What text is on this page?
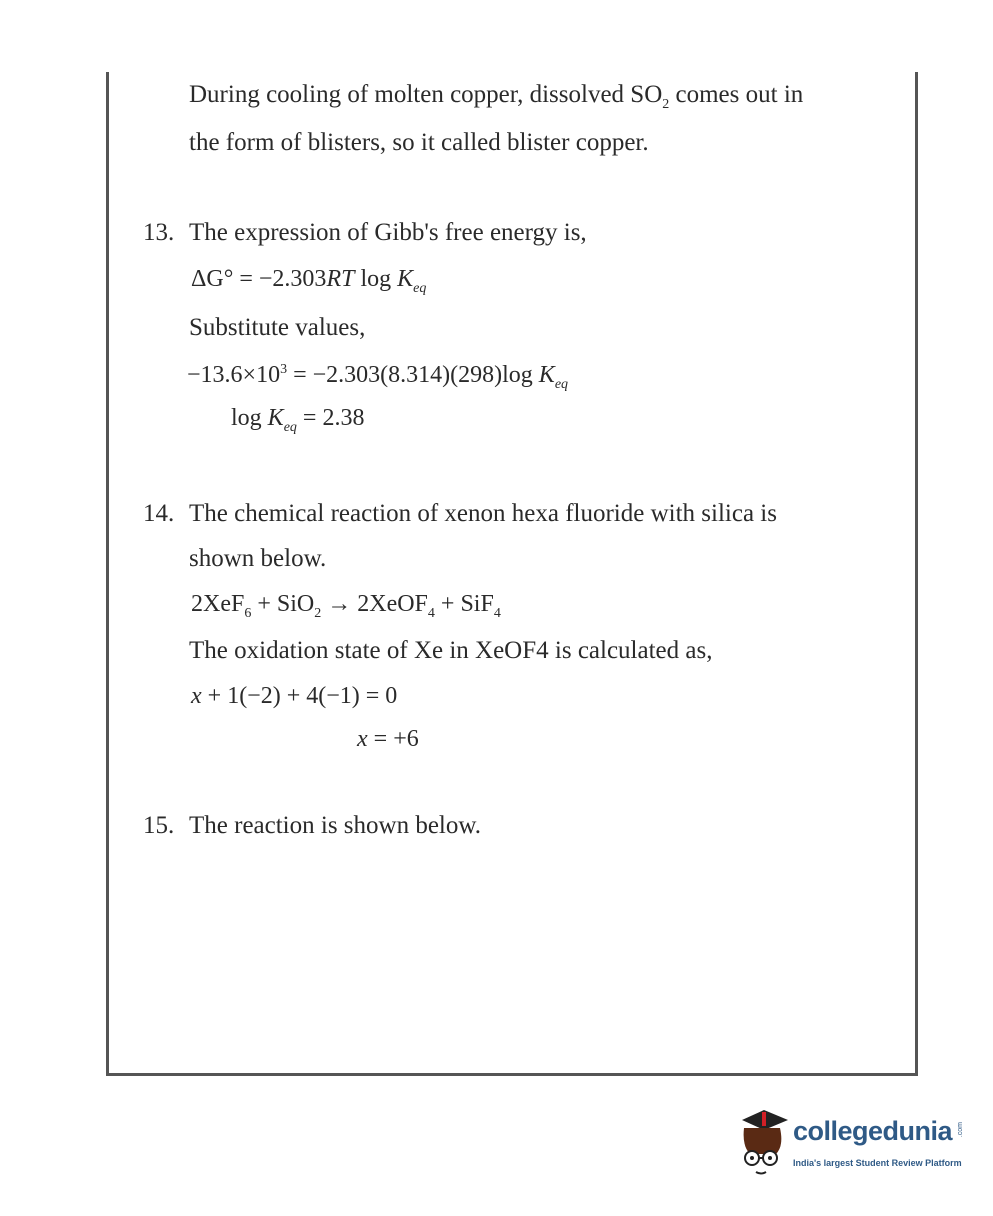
During cooling of molten copper, dissolved $SO_2$ comes out in
the form of blisters, so it called blister copper.
13. The expression of Gibb's free energy is,
ΔG° = −2.303RT $\log K_{eq}$
Substitute values,
$-13.6\times 10^3 = -2.303(8.314)(298)\log$ $K_{eq}$
$\log K_{eq} = 2.38$
14. The chemical reaction of xenon hexa fluoride with silica is
shown below.
2XeF$_6$ + SiO$_2$ → 2XeOF$_4$ + SiF$_4$
The oxidation state of Xe in XeOF4 is calculated as,
x + 1(−2) + 4(−1) = 0
x = +6
15. The reaction is shown below.
collegedunia .com
India's largest Student Review Platform
